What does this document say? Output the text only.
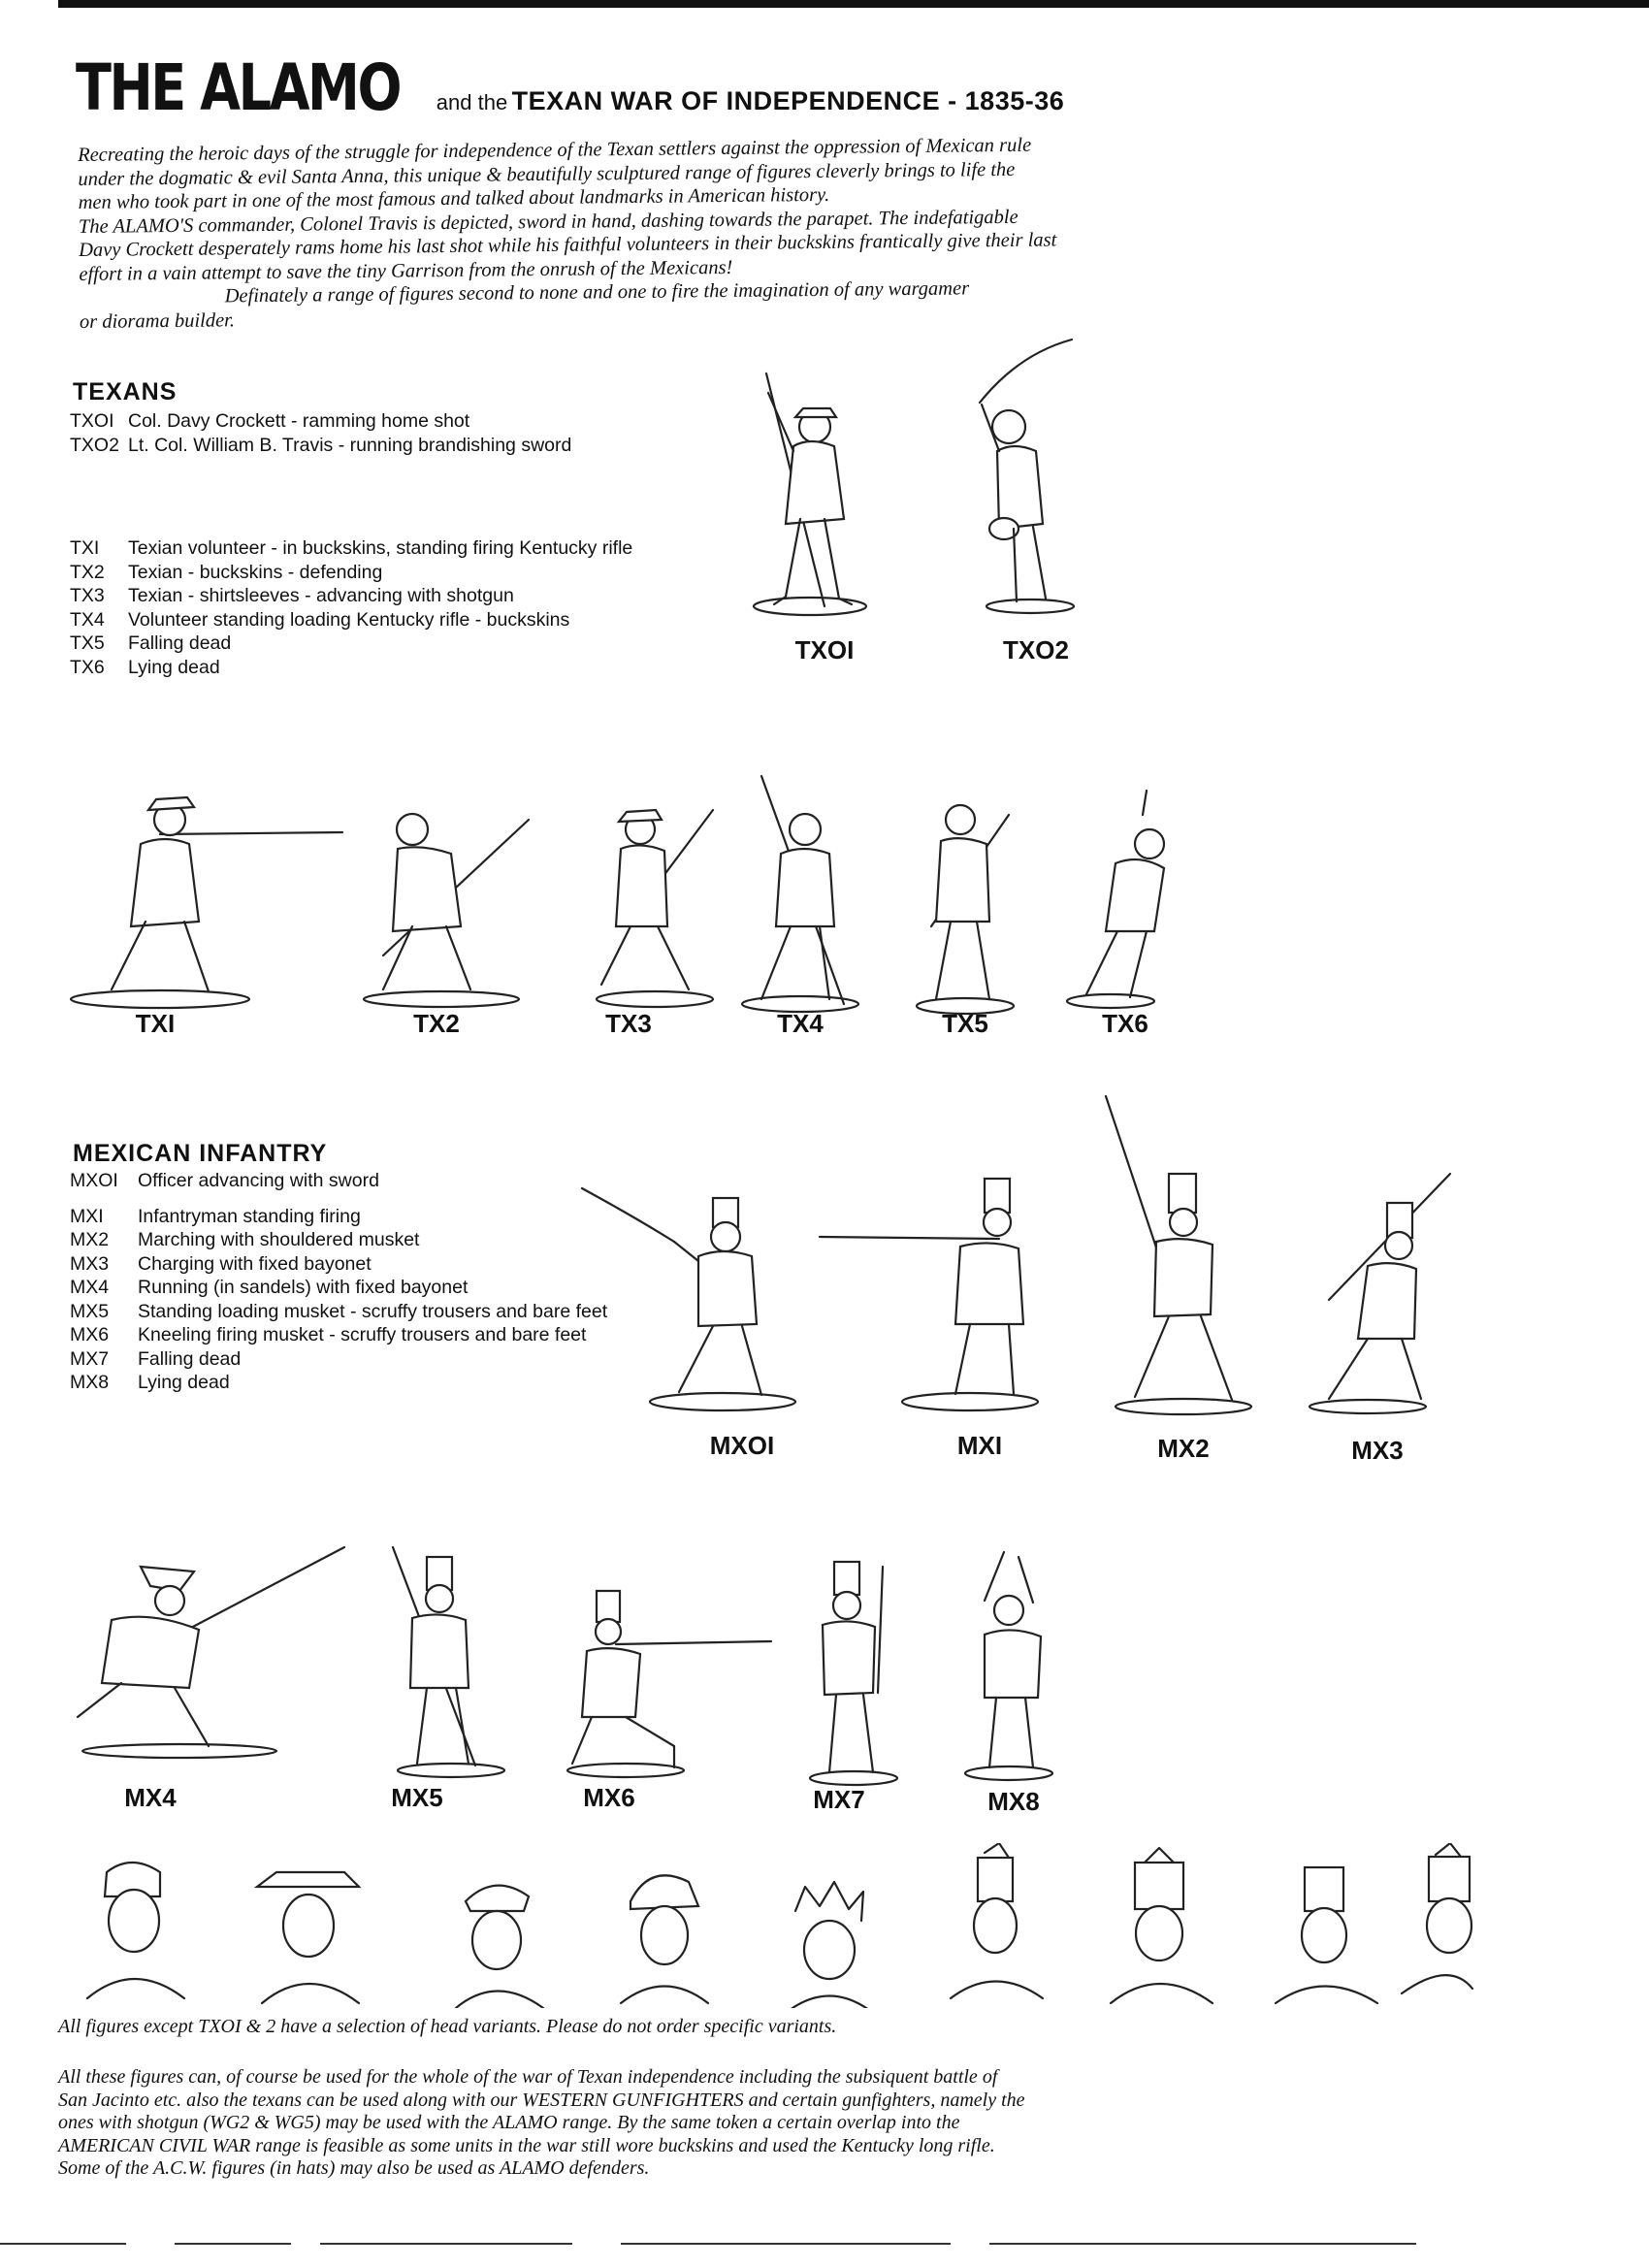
THE ALAMO and the TEXAN WAR OF INDEPENDENCE - 1835-36

Recreating the heroic days of the struggle for independence of the Texan settlers against the oppression of Mexican rule

under the dogmatic & evil Santa Anna, this unique & beautifully sculptured range of figures cleverly brings to life the

men who took part in one of the most famous and talked about landmarks in American history.

The ALAMO'S commander, Colonel Travis is depicted, sword in hand, dashing towards the parapet. The indefatigable

Davy Crockett desperately rams home his last shot while his faithful volunteers in their buckskins frantically give their last

effort in a vain attempt to save the tiny Garrison from the onrush of the Mexicans!

Definately a range of figures second to none and one to fire the imagination of any wargamer

or diorama builder.

TEXANS
TXOI Col. Davy Crockett - ramming home shot
TXO2 Lt. Col. William B. Travis - running brandishing sword
TXI Texian volunteer - in buckskins, standing firing Kentucky rifle
TX2 Texian - buckskins - defending
TX3 Texian - shirtsleeves - advancing with shotgun
TX4 Volunteer standing loading Kentucky rifle - buckskins
TX5 Falling dead
TX6 Lying dead
TXOI	TXO2
TXI	TX2	TX3	TX4	TX5	TX6
MEXICAN INFANTRY
MXOI Officer advancing with sword
MXI Infantryman standing firing
MX2 Marching with shouldered musket
MX3 Charging with fixed bayonet
MX4 Running (in sandels) with fixed bayonet
MX5 Standing loading musket - scruffy trousers and bare feet
MX6 Kneeling firing musket - scruffy trousers and bare feet
MX7 Falling dead
MX8 Lying dead
MXOI	MXI	MX2	MX3
MX4	MX5	MX6	MX7	MX8

All figures except TXOI & 2 have a selection of head variants. Please do not order specific variants.

All these figures can, of course be used for the whole of the war of Texan independence including the subsiquent battle of

San Jacinto etc. also the texans can be used along with our WESTERN GUNFIGHTERS and certain gunfighters, namely the

ones with shotgun (WG2 & WG5) may be used with the ALAMO range. By the same token a certain overlap into the

AMERICAN CIVIL WAR range is feasible as some units in the war still wore buckskins and used the Kentucky long rifle.

Some of the A.C.W. figures (in hats) may also be used as ALAMO defenders.
